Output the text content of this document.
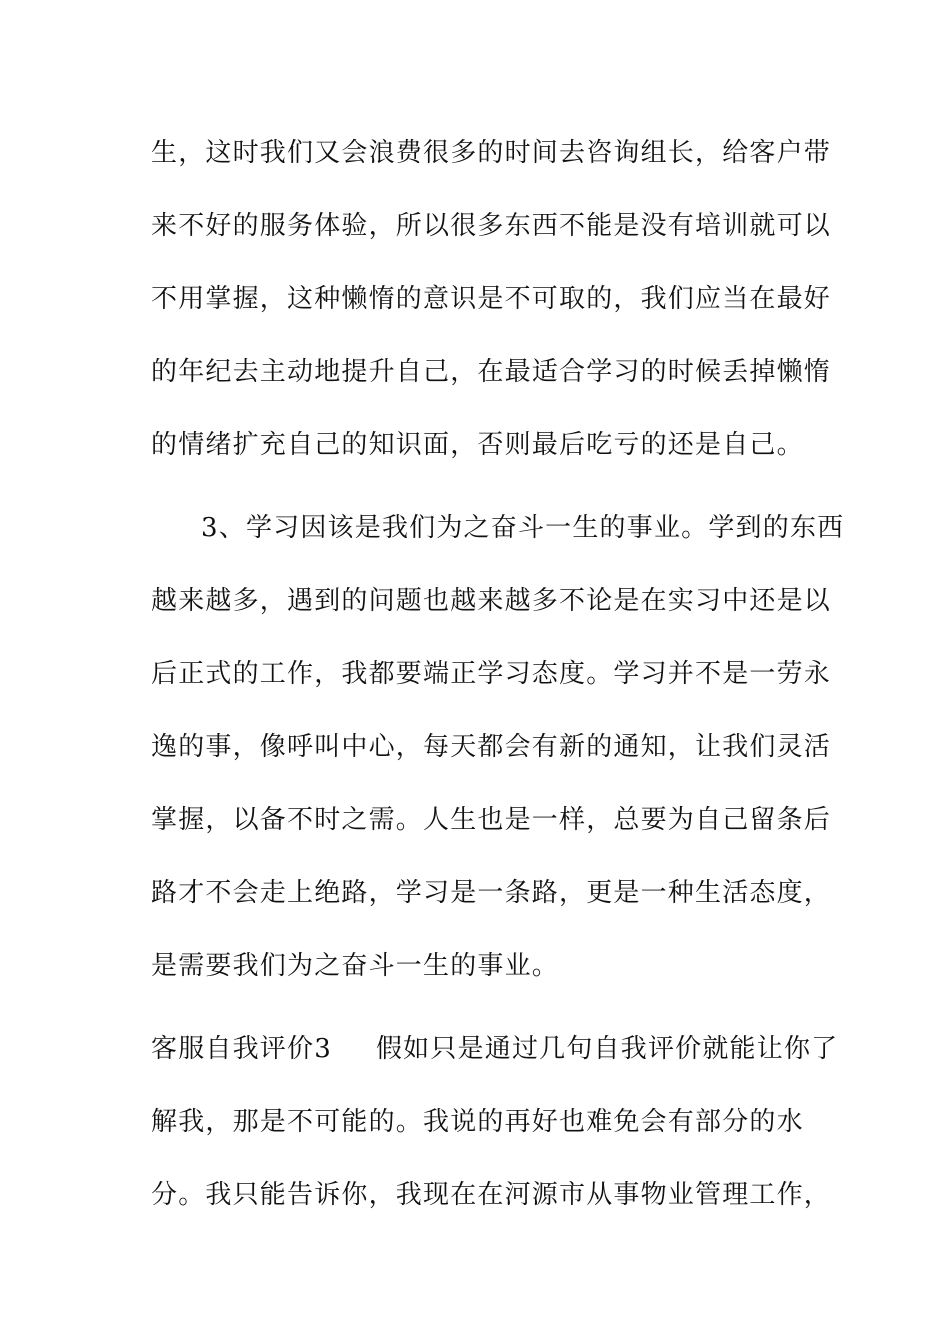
生，这时我们又会浪费很多的时间去咨询组长，给客户带
来不好的服务体验，所以很多东西不能是没有培训就可以
不用掌握，这种懒惰的意识是不可取的，我们应当在最好
的年纪去主动地提升自己，在最适合学习的时候丢掉懒惰
的情绪扩充自己的知识面，否则最后吃亏的还是自己。
3、学习因该是我们为之奋斗一生的事业。学到的东西
越来越多，遇到的问题也越来越多不论是在实习中还是以
后正式的工作，我都要端正学习态度。学习并不是一劳永
逸的事，像呼叫中心，每天都会有新的通知，让我们灵活
掌握，以备不时之需。人生也是一样，总要为自己留条后
路才不会走上绝路，学习是一条路，更是一种生活态度，
是需要我们为之奋斗一生的事业。
客服自我评价3 假如只是通过几句自我评价就能让你了
解我，那是不可能的。我说的再好也难免会有部分的水
分。我只能告诉你，我现在在河源市从事物业管理工作，
